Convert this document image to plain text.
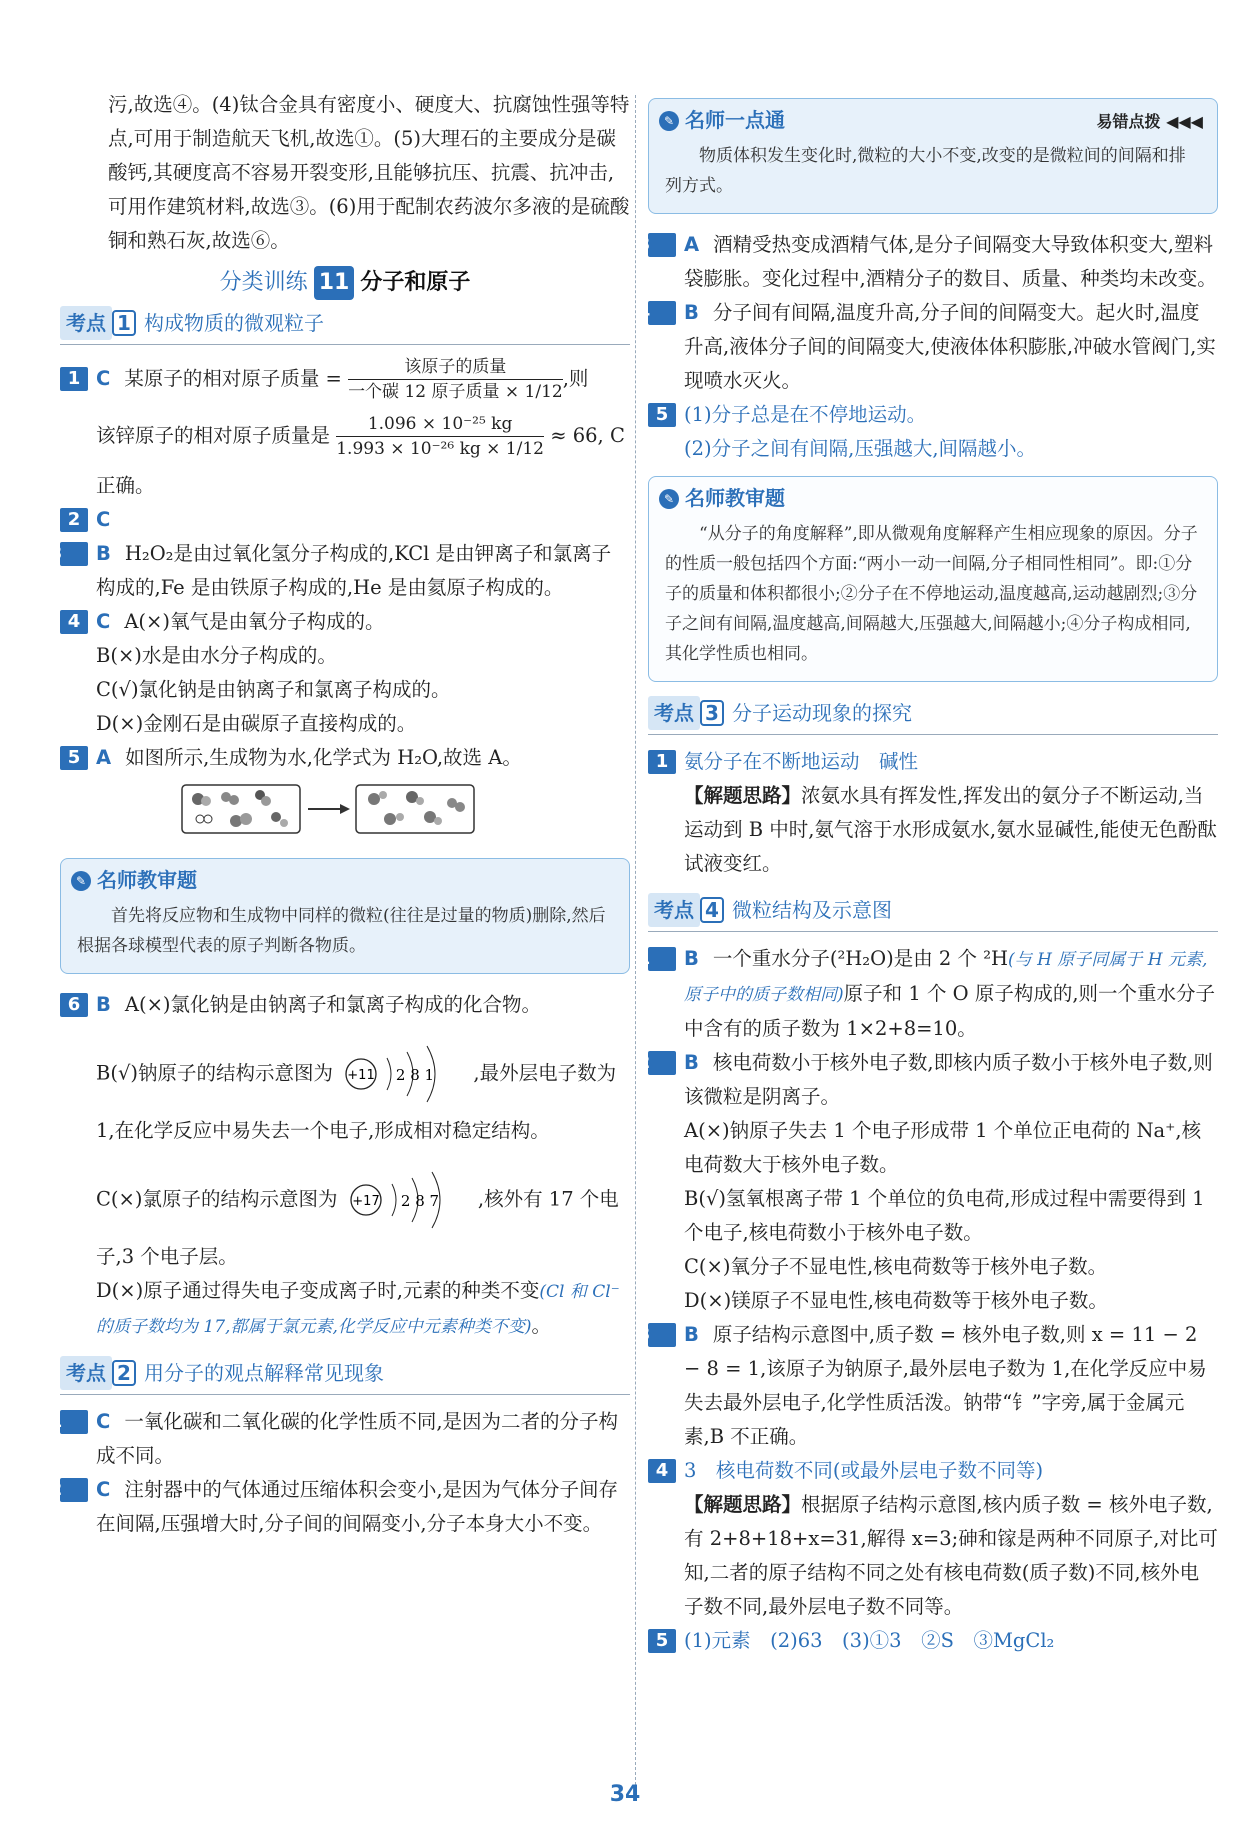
污,故选④。(4)钛合金具有密度小、硬度大、抗腐蚀性强等特点,可用于制造航天飞机,故选①。(5)大理石的主要成分是碳酸钙,其硬度高不容易开裂变形,且能够抗压、抗震、抗冲击,可用作建筑材料,故选③。(6)用于配制农药波尔多液的是硫酸铜和熟石灰,故选⑥。

分类训练 11 分子和原子
考点 1 构成物质的微观粒子
1 C 某原子的相对原子质量 = $\frac{\text{该原子的质量}}{\text{一个碳 12 原子质量 × 1/12}}$ ,则
该锌原子的相对原子质量是 $\frac{\text{1.096 × 10⁻²⁵ kg}}{\text{1.993 × 10⁻²⁶ kg × 1/12}} \approx 66$, C

正确。

2 C

3 B H₂O₂是由过氧化氢分子构成的,KCl 是由钾离子和氯离子构成的,Fe 是由铁原子构成的,He 是由氦原子构成的。

4 C A(×)氧气是由氧分子构成的。

B(×)水是由水分子构成的。

C(√)氯化钠是由钠离子和氯离子构成的。

D(×)金刚石是由碳原子直接构成的。

5 A 如图所示,生成物为水,化学式为 H₂O,故选 A。

✎ 名师教审题

首先将反应物和生成物中同样的微粒(往往是过量的物质)删除,然后根据各球模型代表的原子判断各物质。

6 B A(×)氯化钠是由钠离子和氯离子构成的化合物。

B(√)钠原子的结构示意图为 +11 2 8 1 ,最外层电子数为

1,在化学反应中易失去一个电子,形成相对稳定结构。

C(×)氯原子的结构示意图为 +17 2 8 7 ,核外有 17 个电

子,3 个电子层。

D(×)原子通过得失电子变成离子时,元素的种类不变(Cl 和 Cl⁻的质子数均为 17,都属于氯元素,化学反应中元素种类不变)。

考点 2 用分子的观点解释常见现象

1 C 一氧化碳和二氧化碳的化学性质不同,是因为二者的分子构成不同。

2 C 注射器中的气体通过压缩体积会变小,是因为气体分子间存在间隔,压强增大时,分子间的间隔变小,分子本身大小不变。

✎ 名师一点通	易错点拨 ◀◀◀

物质体积发生变化时,微粒的大小不变,改变的是微粒间的间隔和排列方式。

3 A 酒精受热变成酒精气体,是分子间隔变大导致体积变大,塑料袋膨胀。变化过程中,酒精分子的数目、质量、种类均未改变。

4 B 分子间有间隔,温度升高,分子间的间隔变大。起火时,温度升高,液体分子间的间隔变大,使液体体积膨胀,冲破水管阀门,实现喷水灭火。

5 (1)分子总是在不停地运动。

(2)分子之间有间隔,压强越大,间隔越小。

✎ 名师教审题

“从分子的角度解释”,即从微观角度解释产生相应现象的原因。分子的性质一般包括四个方面:“两小一动一间隔,分子相同性相同”。即:①分子的质量和体积都很小;②分子在不停地运动,温度越高,运动越剧烈;③分子之间有间隔,温度越高,间隔越大,压强越大,间隔越小;④分子构成相同,其化学性质也相同。

考点 3 分子运动现象的探究

1 氨分子在不断地运动　碱性

【解题思路】浓氨水具有挥发性,挥发出的氨分子不断运动,当运动到 B 中时,氨气溶于水形成氨水,氨水显碱性,能使无色酚酞试液变红。

考点 4 微粒结构及示意图

1 B 一个重水分子(²H₂O)是由 2 个 ²H(与 H 原子同属于 H 元素,原子中的质子数相同)原子和 1 个 O 原子构成的,则一个重水分子中含有的质子数为 1×2+8=10。

2 B 核电荷数小于核外电子数,即核内质子数小于核外电子数,则该微粒是阴离子。

A(×)钠原子失去 1 个电子形成带 1 个单位正电荷的 Na⁺,核电荷数大于核外电子数。

B(√)氢氧根离子带 1 个单位的负电荷,形成过程中需要得到 1 个电子,核电荷数小于核外电子数。

C(×)氧分子不显电性,核电荷数等于核外电子数。

D(×)镁原子不显电性,核电荷数等于核外电子数。

3 B 原子结构示意图中,质子数 = 核外电子数,则 x = 11 − 2 − 8 = 1,该原子为钠原子,最外层电子数为 1,在化学反应中易失去最外层电子,化学性质活泼。钠带“钅”字旁,属于金属元素,B 不正确。

4 3　核电荷数不同(或最外层电子数不同等)

【解题思路】根据原子结构示意图,核内质子数 = 核外电子数,有 2+8+18+x=31,解得 x=3;砷和镓是两种不同原子,对比可知,二者的原子结构不同之处有核电荷数(质子数)不同,核外电子数不同,最外层电子数不同等。

5 (1)元素　(2)63　(3)①3　②S　③MgCl₂

34
